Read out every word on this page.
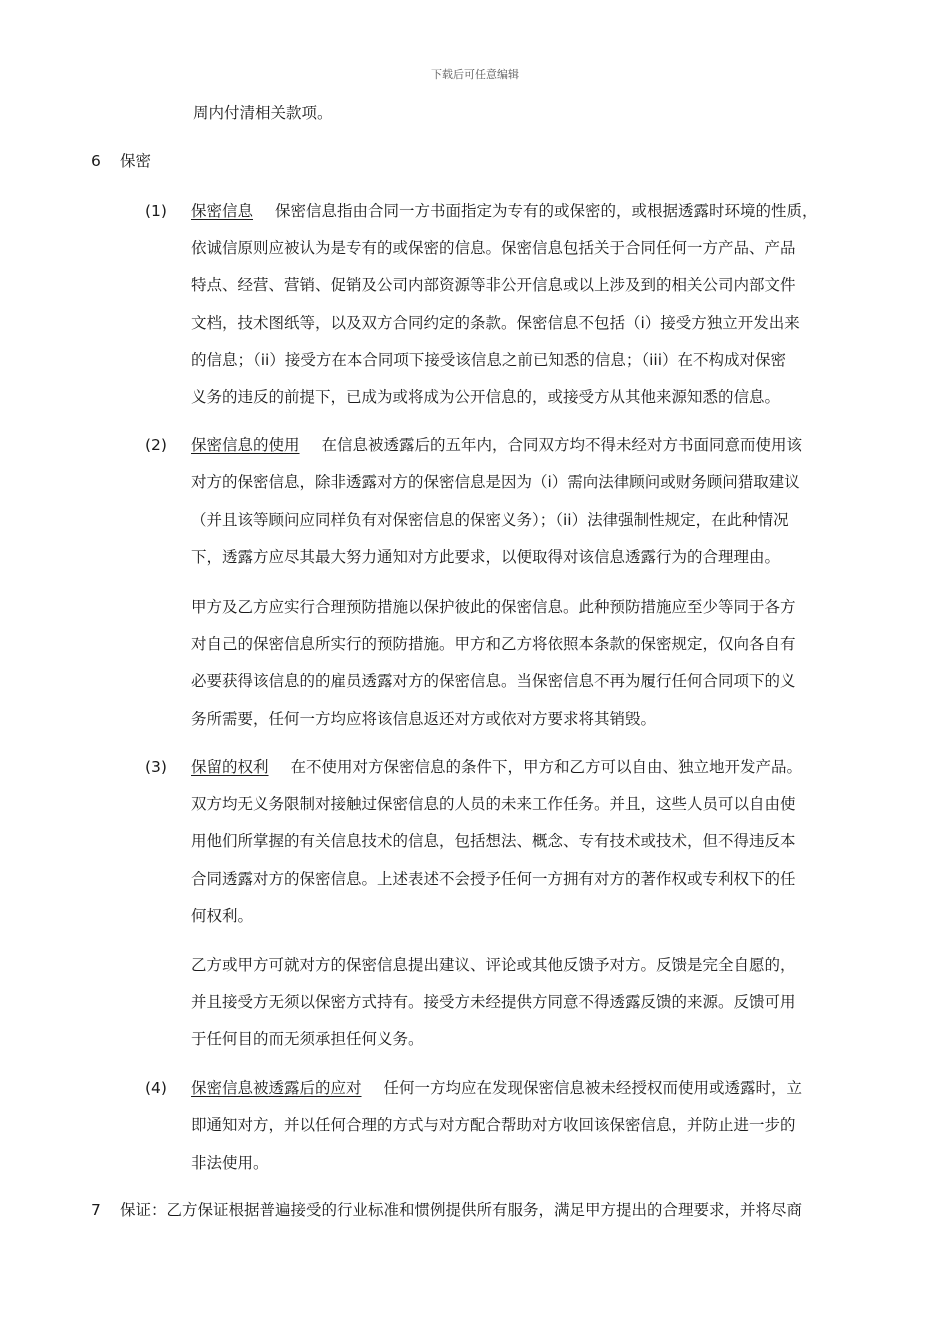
下载后可任意编辑
周内付清相关款项。
6 保密
(1) 保密信息 保密信息指由合同一方书面指定为专有的或保密的，或根据透露时环境的性质，
依诚信原则应被认为是专有的或保密的信息。保密信息包括关于合同任何一方产品、产品
特点、经营、营销、促销及公司内部资源等非公开信息或以上涉及到的相关公司内部文件
文档，技术图纸等，以及双方合同约定的条款。保密信息不包括（i）接受方独立开发出来
的信息；（ii）接受方在本合同项下接受该信息之前已知悉的信息；（iii）在不构成对保密
义务的违反的前提下，已成为或将成为公开信息的，或接受方从其他来源知悉的信息。
(2) 保密信息的使用 在信息被透露后的五年内，合同双方均不得未经对方书面同意而使用该
对方的保密信息，除非透露对方的保密信息是因为（i）需向法律顾问或财务顾问猎取建议
（并且该等顾问应同样负有对保密信息的保密义务）；（ii）法律强制性规定，在此种情况
下，透露方应尽其最大努力通知对方此要求，以便取得对该信息透露行为的合理理由。
甲方及乙方应实行合理预防措施以保护彼此的保密信息。此种预防措施应至少等同于各方
对自己的保密信息所实行的预防措施。甲方和乙方将依照本条款的保密规定，仅向各自有
必要获得该信息的的雇员透露对方的保密信息。当保密信息不再为履行任何合同项下的义
务所需要，任何一方均应将该信息返还对方或依对方要求将其销毁。
(3) 保留的权利 在不使用对方保密信息的条件下，甲方和乙方可以自由、独立地开发产品。
双方均无义务限制对接触过保密信息的人员的未来工作任务。并且，这些人员可以自由使
用他们所掌握的有关信息技术的信息，包括想法、概念、专有技术或技术，但不得违反本
合同透露对方的保密信息。上述表述不会授予任何一方拥有对方的著作权或专利权下的任
何权利。
乙方或甲方可就对方的保密信息提出建议、评论或其他反馈予对方。反馈是完全自愿的，
并且接受方无须以保密方式持有。接受方未经提供方同意不得透露反馈的来源。反馈可用
于任何目的而无须承担任何义务。
(4) 保密信息被透露后的应对 任何一方均应在发现保密信息被未经授权而使用或透露时，立
即通知对方，并以任何合理的方式与对方配合帮助对方收回该保密信息，并防止进一步的
非法使用。
7 保证：乙方保证根据普遍接受的行业标准和惯例提供所有服务，满足甲方提出的合理要求，并将尽商
